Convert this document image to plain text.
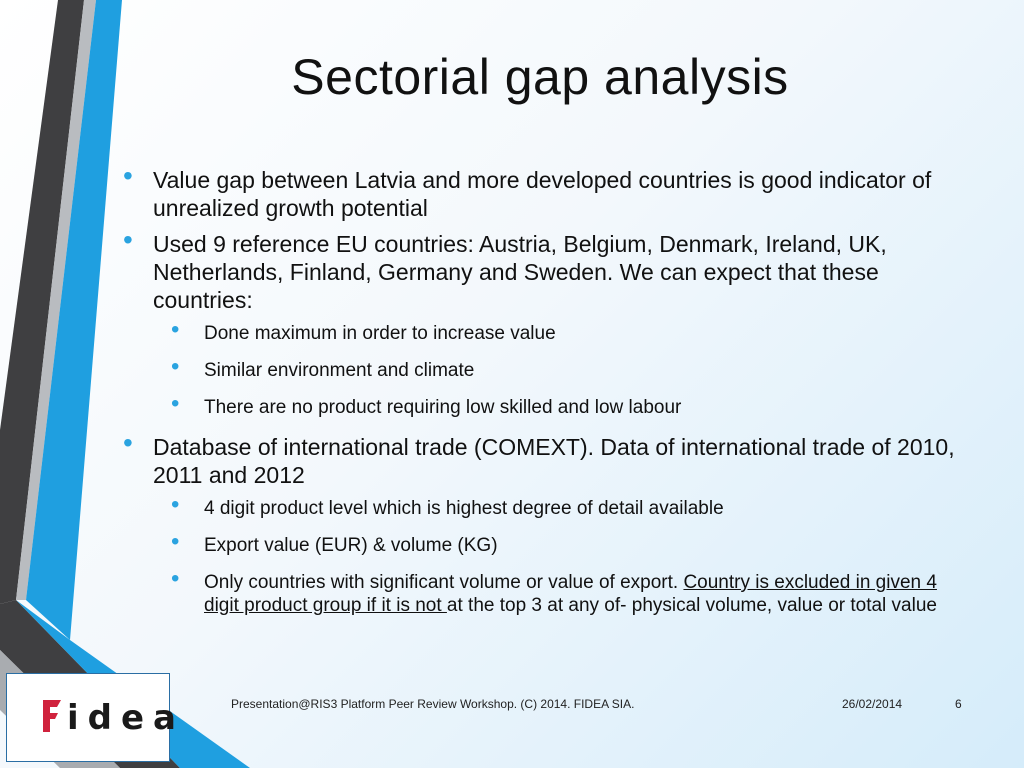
Sectorial gap analysis
• Value gap between Latvia and more developed countries is good indicator of unrealized growth potential
• Used 9 reference EU countries: Austria, Belgium, Denmark, Ireland, UK, Netherlands, Finland, Germany and Sweden. We can expect that these countries:
• Done maximum in order to increase value
• Similar environment and climate
• There are no product requiring low skilled and low labour
• Database of international trade (COMEXT). Data of international trade of 2010, 2011 and 2012
• 4 digit product level which is highest degree of detail available
• Export value (EUR) & volume (KG)
• Only countries with significant volume or value of export. Country is excluded in given 4 digit product group if it is not at the top 3 at any of- physical volume, value or total value
idea	Presentation@RIS3 Platform Peer Review Workshop. (C) 2014. FIDEA SIA.	26/02/2014	6
